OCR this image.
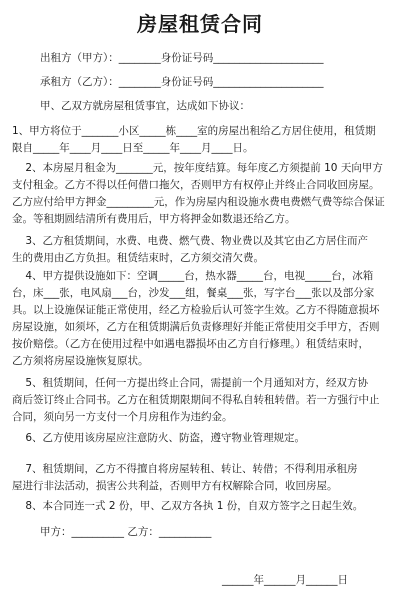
房屋租赁合同
出租方（甲方）：________身份证号码_____________________
承租方（乙方）：________身份证号码_____________________
甲、乙双方就房屋租赁事宜，达成如下协议：

1、甲方将位于_______小区_____栋____室的房屋出租给乙方居住使用，租赁期

限自_____年____月____日至_____年____月____日。

2、本房屋月租金为_______元，按年度结算。每年度乙方须提前 10 天向甲方

支付租金。乙方不得以任何借口拖欠，否则甲方有权停止并终止合同收回房屋。

乙方应付给甲方押金_________元，作为房屋内租设施水费电费燃气费等综合保证

金。等租期圆结清所有费用后，甲方将押金如数退还给乙方。

3、乙方租赁期间，水费、电费、燃气费、物业费以及其它由乙方居住而产

生的费用由乙方负担。租赁结束时，乙方须交清欠费。

4、甲方提供设施如下：空调_____台，热水器_____台，电视_____台，冰箱

台，床___张，电风扇___台，沙发___组，餐桌___张，写字台___张以及部分家

具。以上设施保证能正常使用，经乙方检验后认可签字生效。乙方不得随意损坏

房屋设施，如须坏，乙方在租赁期满后负责修理好并能正常使用交手甲方，否则

按价赔偿。（乙方在使用过程中如遇电器损坏由乙方自行修理。）租赁结束时，

乙方须将房屋设施恢复原状。

5、租赁期间，任何一方提出终止合同，需提前一个月通知对方，经双方协

商后签订终止合同书。乙方在租赁期限期间不得私自转租转借。若一方强行中止

合同，须向另一方支付一个月房租作为违约金。

6、乙方使用该房屋应注意防火、防盗，遵守物业管理规定。

7、租赁期间，乙方不得擅自将房屋转租、转让、转借；不得利用承租房

屋进行非法活动，损害公共利益，否则甲方有权解除合同，收回房屋。

8、本合同连一式 2 份，甲、乙双方各执 1 份，自双方签字之日起生效。

甲方：__________ 乙方：__________
______年______月______日
